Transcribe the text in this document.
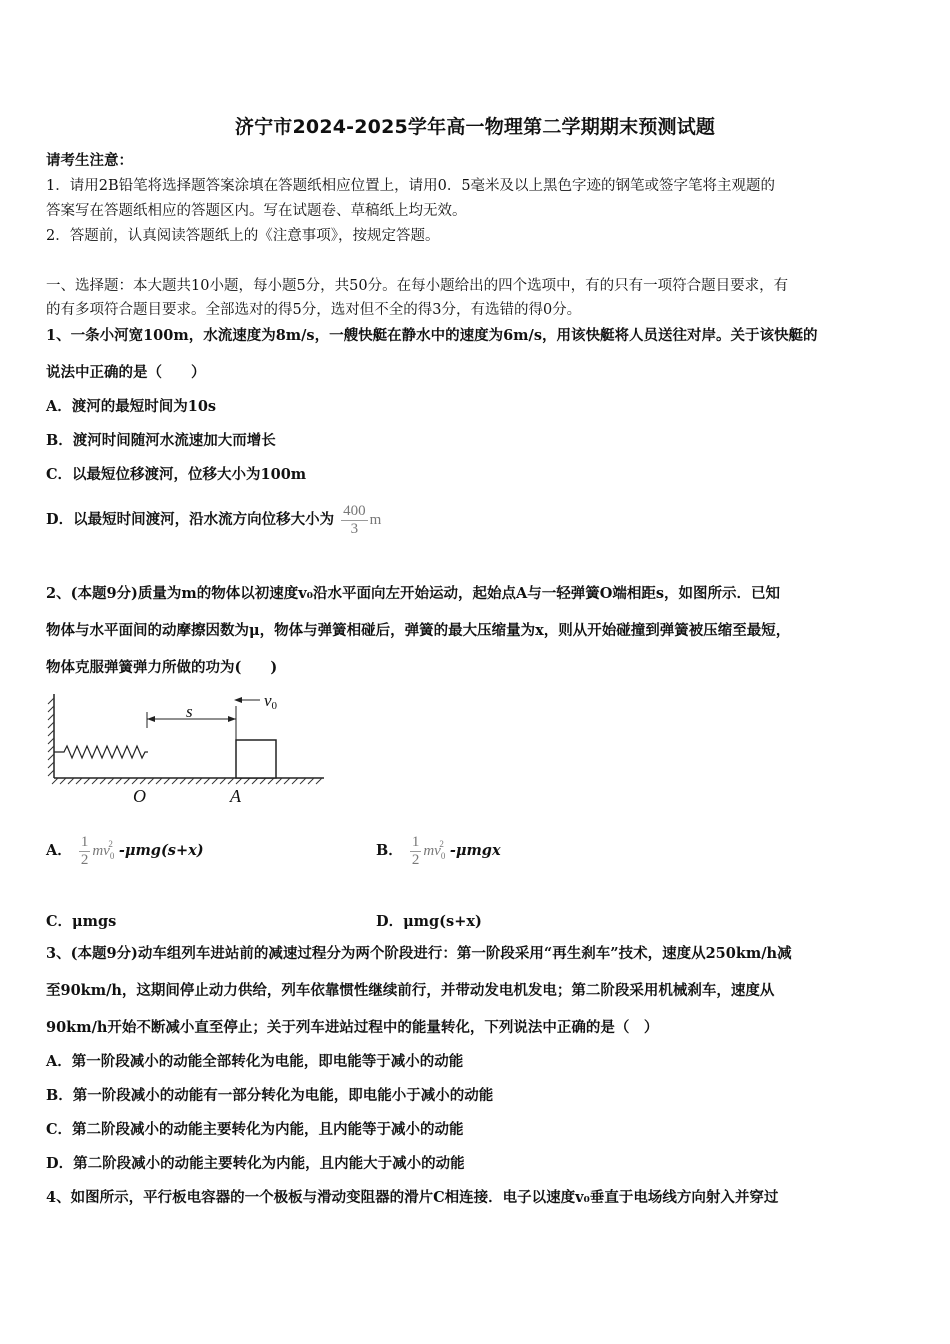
济宁市2024-2025学年高一物理第二学期期末预测试题
请考生注意：
1．请用2B铅笔将选择题答案涂填在答题纸相应位置上，请用0．5毫米及以上黑色字迹的钢笔或签字笔将主观题的
答案写在答题纸相应的答题区内。写在试题卷、草稿纸上均无效。
2．答题前，认真阅读答题纸上的《注意事项》，按规定答题。
一、选择题：本大题共10小题，每小题5分，共50分。在每小题给出的四个选项中，有的只有一项符合题目要求，有
的有多项符合题目要求。全部选对的得5分，选对但不全的得3分，有选错的得0分。
1、一条小河宽100m，水流速度为8m/s，一艘快艇在静水中的速度为6m/s，用该快艇将人员送往对岸。关于该快艇的
说法中正确的是（　　）
A．渡河的最短时间为10s
B．渡河时间随河水流速加大而增长
C．以最短位移渡河，位移大小为100m
D．以最短时间渡河，沿水流方向位移大小为 $\frac{400}{3}$ m
2、(本题9分)质量为m的物体以初速度v₀沿水平面向左开始运动，起始点A与一轻弹簧O端相距s，如图所示．已知
物体与水平面间的动摩擦因数为μ，物体与弹簧相碰后，弹簧的最大压缩量为x，则从开始碰撞到弹簧被压缩至最短，
物体克服弹簧弹力所做的功为(　　)
s
v0
O	A
A． $\frac{1}{2} mv_0^2$ -μmg(s+x)	B． $\frac{1}{2} mv_0^2$ -μmgx
C．μmgs	D．μmg(s+x)
3、(本题9分)动车组列车进站前的减速过程分为两个阶段进行：第一阶段采用“再生刹车”技术，速度从250km/h减
至90km/h，这期间停止动力供给，列车依靠惯性继续前行，并带动发电机发电；第二阶段采用机械刹车，速度从
90km/h开始不断减小直至停止；关于列车进站过程中的能量转化，下列说法中正确的是（　）
A．第一阶段减小的动能全部转化为电能，即电能等于减小的动能
B．第一阶段减小的动能有一部分转化为电能，即电能小于减小的动能
C．第二阶段减小的动能主要转化为内能，且内能等于减小的动能
D．第二阶段减小的动能主要转化为内能，且内能大于减小的动能
4、如图所示，平行板电容器的一个极板与滑动变阻器的滑片C相连接．电子以速度v₀垂直于电场线方向射入并穿过
